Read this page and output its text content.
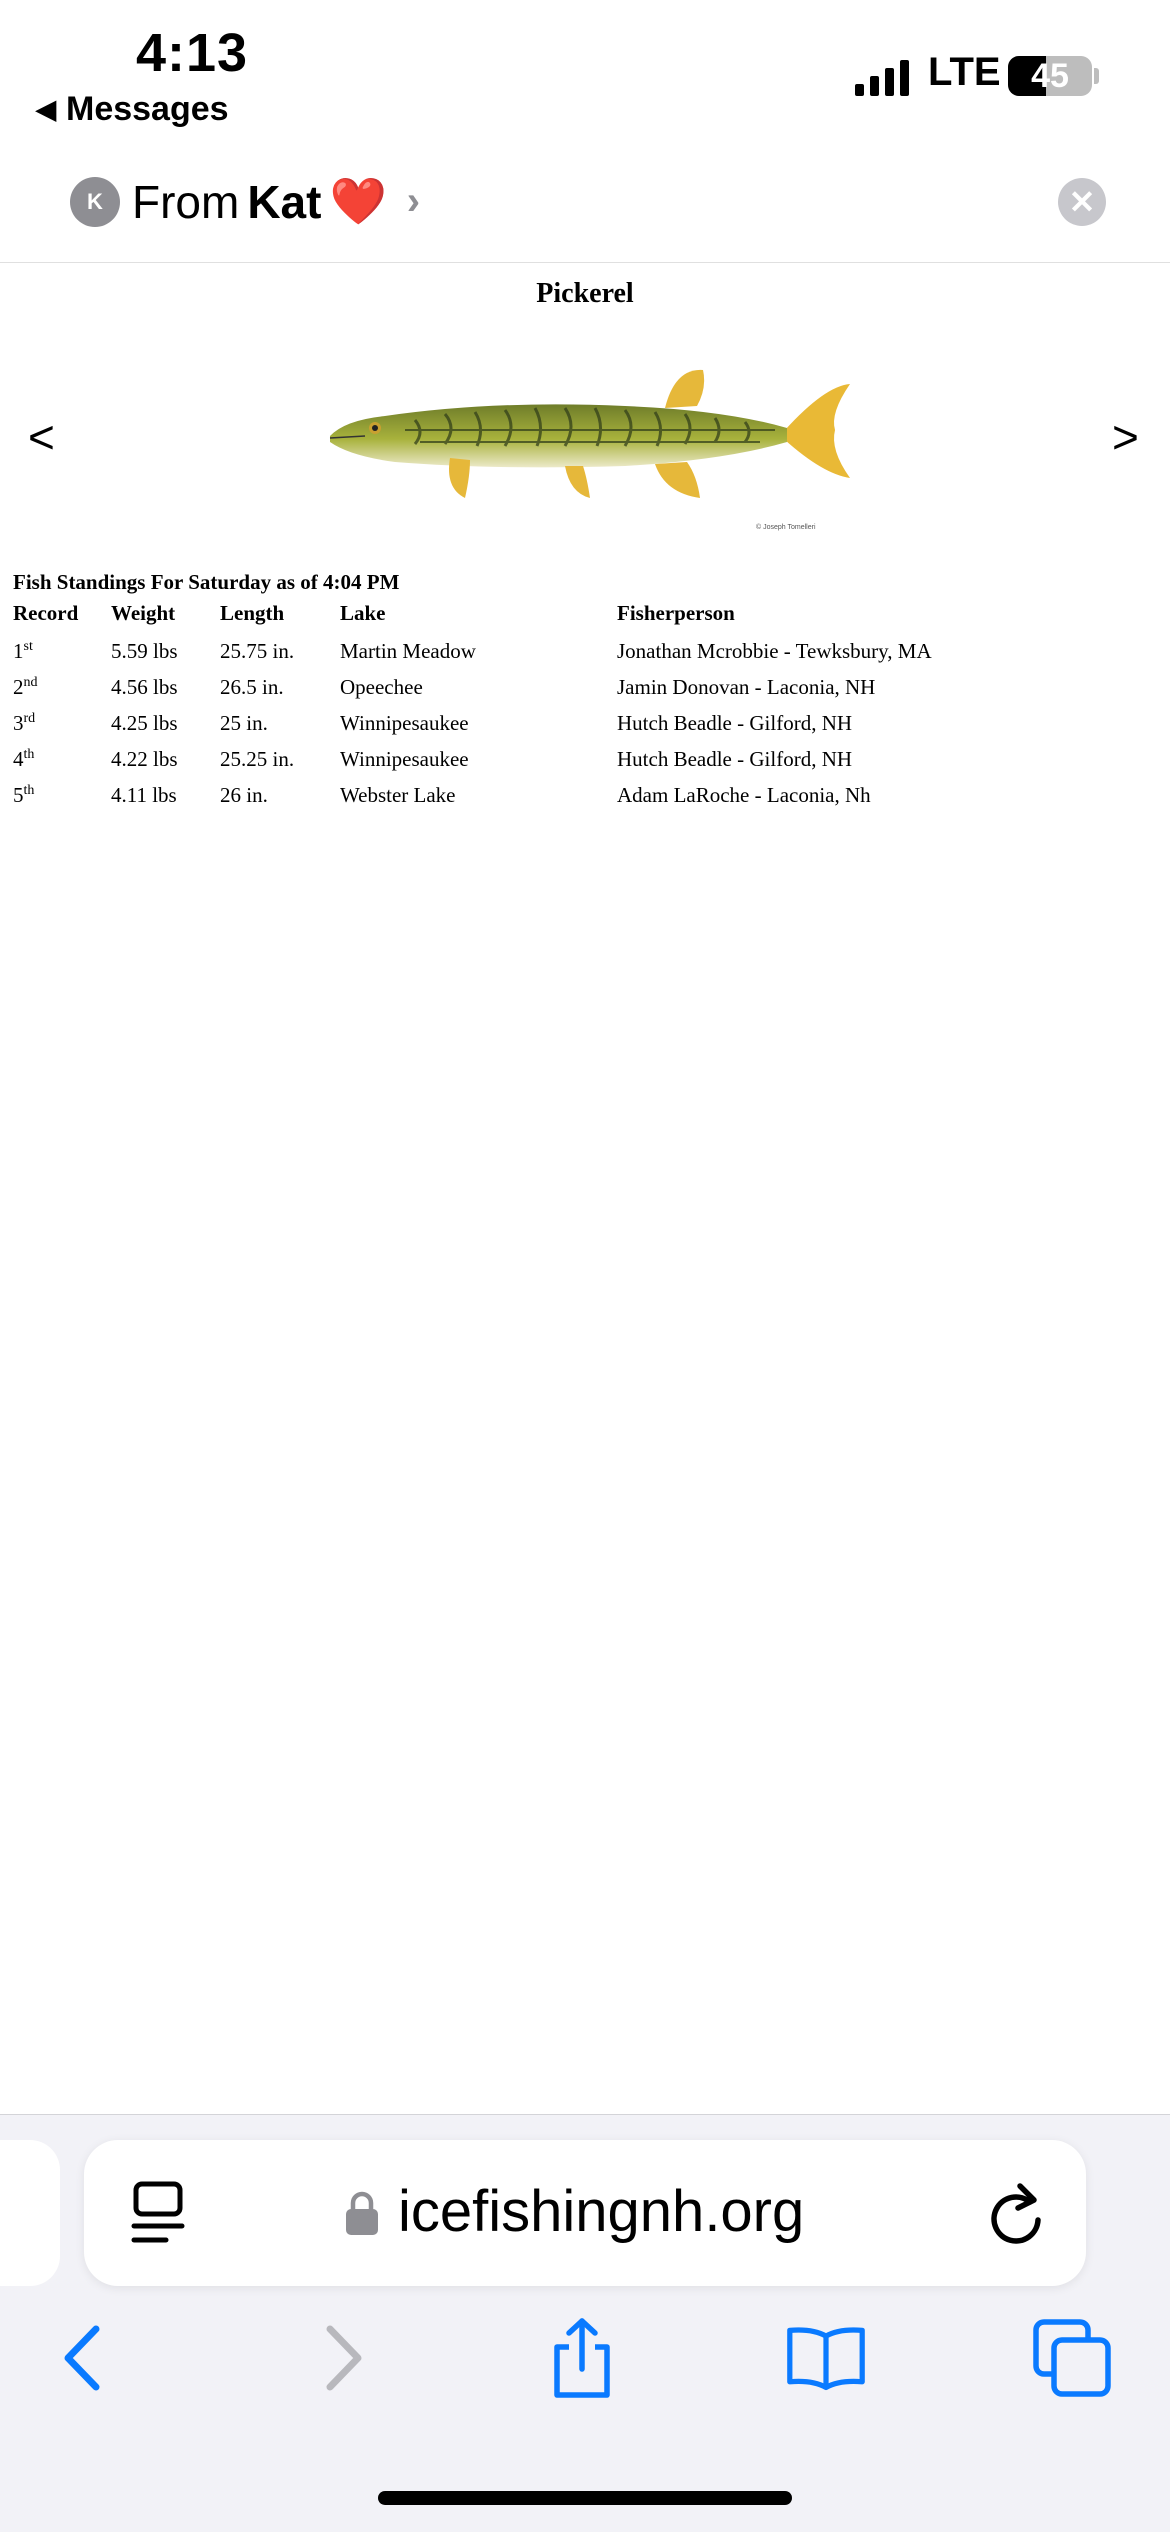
4:13
◀ Messages
LTE 45
K From Kat ❤️ ›	✕
Pickerel
<	>
© Joseph Tomelleri
Fish Standings For Saturday as of 4:04 PM
Record	Weight	Length	Lake	Fisherperson
1st	5.59 lbs	25.75 in.	Martin Meadow	Jonathan Mcrobbie - Tewksbury, MA
2nd	4.56 lbs	26.5 in.	Opeechee	Jamin Donovan - Laconia, NH
3rd	4.25 lbs	25 in.	Winnipesaukee	Hutch Beadle - Gilford, NH
4th	4.22 lbs	25.25 in.	Winnipesaukee	Hutch Beadle - Gilford, NH
5th	4.11 lbs	26 in.	Webster Lake	Adam LaRoche - Laconia, Nh
icefishingnh.org
